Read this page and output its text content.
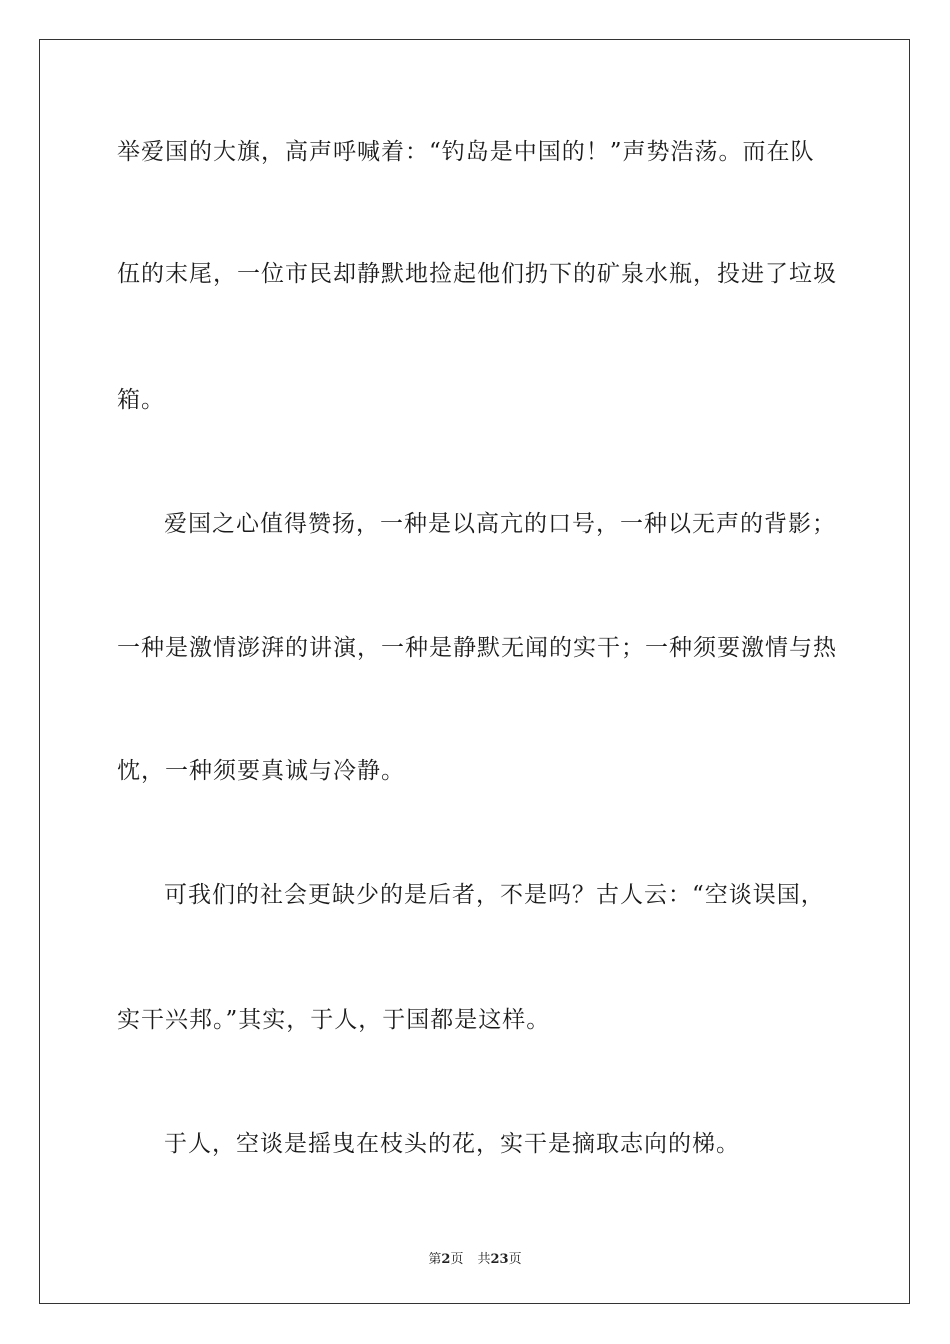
举爱国的大旗，高声呼喊着：“钓岛是中国的！”声势浩荡。而在队
伍的末尾，一位市民却静默地捡起他们扔下的矿泉水瓶，投进了垃圾
箱。
爱国之心值得赞扬，一种是以高亢的口号，一种以无声的背影；
一种是激情澎湃的讲演，一种是静默无闻的实干；一种须要激情与热
忱，一种须要真诚与冷静。
可我们的社会更缺少的是后者，不是吗？古人云：“空谈误国，
实干兴邦。”其实，于人，于国都是这样。
于人，空谈是摇曳在枝头的花，实干是摘取志向的梯。
第2页 共23页
